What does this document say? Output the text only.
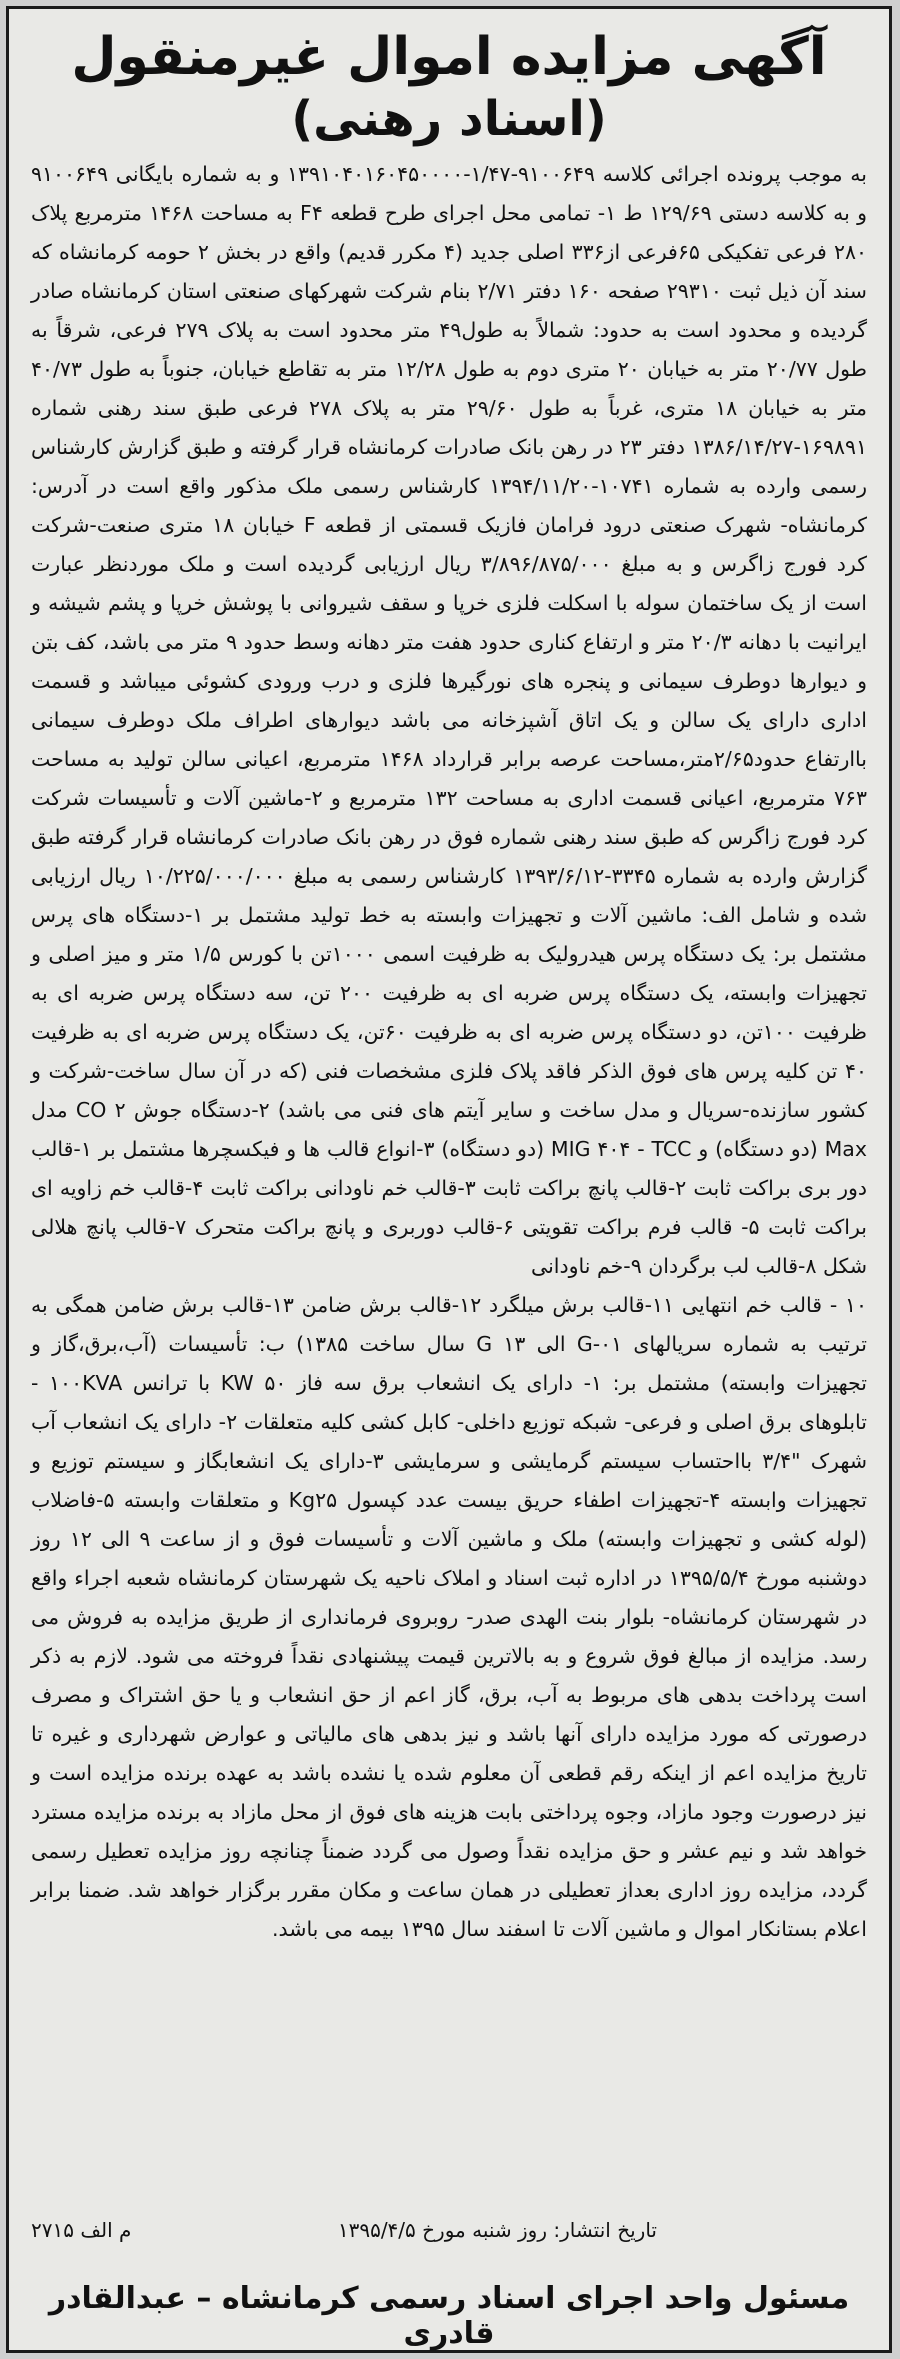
آگهی مزایده اموال غیرمنقول
(اسناد رهنی)

به موجب پرونده اجرائی کلاسه ۹۱۰۰۶۴۹-۱/۴۷-۱۳۹۱۰۴۰۱۶۰۴۵۰۰۰۰ و به شماره بایگانی ۹۱۰۰۶۴۹ و به کلاسه دستی ۱۲۹/۶۹ ط ۱- تمامی محل اجرای طرح قطعه F۴ به مساحت ۱۴۶۸ مترمربع پلاک ۲۸۰ فرعی تفکیکی ۶۵فرعی از۳۳۶ اصلی جدید (۴ مکرر قدیم) واقع در بخش ۲ حومه کرمانشاه که سند آن ذیل ثبت ۲۹۳۱۰ صفحه ۱۶۰ دفتر ۲/۷۱ بنام شرکت شهرکهای صنعتی استان کرمانشاه صادر گردیده و محدود است به حدود: شمالاً به طول۴۹ متر محدود است به پلاک ۲۷۹ فرعی، شرقاً به طول ۲۰/۷۷ متر به خیابان ۲۰ متری دوم به طول ۱۲/۲۸ متر به تقاطع خیابان، جنوباً به طول ۴۰/۷۳ متر به خیابان ۱۸ متری، غرباً به طول ۲۹/۶۰ متر به پلاک ۲۷۸ فرعی طبق سند رهنی شماره ۱۶۹۸۹۱-۱۳۸۶/۱۴/۲۷ دفتر ۲۳ در رهن بانک صادرات کرمانشاه قرار گرفته و طبق گزارش کارشناس رسمی وارده به شماره ۱۰۷۴۱-۱۳۹۴/۱۱/۲۰ کارشناس رسمی ملک مذکور واقع است در آدرس: کرمانشاه- شهرک صنعتی درود فرامان فازیک قسمتی از قطعه F خیابان ۱۸ متری صنعت-شرکت کرد فورج زاگرس و به مبلغ ۳/۸۹۶/۸۷۵/۰۰۰ ریال ارزیابی گردیده است و ملک موردنظر عبارت است از یک ساختمان سوله با اسکلت فلزی خرپا و سقف شیروانی با پوشش خرپا و پشم شیشه و ایرانیت با دهانه ۲۰/۳ متر و ارتفاع کناری حدود هفت متر دهانه وسط حدود ۹ متر می باشد، کف بتن و دیوارها دوطرف سیمانی و پنجره های نورگیرها فلزی و درب ورودی کشوئی میباشد و قسمت اداری دارای یک سالن و یک اتاق آشپزخانه می باشد دیوارهای اطراف ملک دوطرف سیمانی باارتفاع حدود۲/۶۵متر،مساحت عرصه برابر قرارداد ۱۴۶۸ مترمربع، اعیانی سالن تولید به مساحت ۷۶۳ مترمربع، اعیانی قسمت اداری به مساحت ۱۳۲ مترمربع و ۲-ماشین آلات و تأسیسات شرکت کرد فورج زاگرس که طبق سند رهنی شماره فوق در رهن بانک صادرات کرمانشاه قرار گرفته طبق گزارش وارده به شماره ۳۳۴۵-۱۳۹۳/۶/۱۲ کارشناس رسمی به مبلغ ۱۰/۲۲۵/۰۰۰/۰۰۰ ریال ارزیابی شده و شامل الف: ماشین آلات و تجهیزات وابسته به خط تولید مشتمل بر ۱-دستگاه های پرس مشتمل بر: یک دستگاه پرس هیدرولیک به ظرفیت اسمی ۱۰۰۰تن با کورس ۱/۵ متر و میز اصلی و تجهیزات وابسته، یک دستگاه پرس ضربه ای به ظرفیت ۲۰۰ تن، سه دستگاه پرس ضربه ای به ظرفیت ۱۰۰تن، دو دستگاه پرس ضربه ای به ظرفیت ۶۰تن، یک دستگاه پرس ضربه ای به ظرفیت ۴۰ تن کلیه پرس های فوق الذکر فاقد پلاک فلزی مشخصات فنی (که در آن سال ساخت-شرکت و کشور سازنده-سریال و مدل ساخت و سایر آیتم های فنی می باشد) ۲-دستگاه جوش ۲ CO مدل Max (دو دستگاه) و MIG ۴۰۴ - TCC (دو دستگاه) ۳-انواع قالب ها و فیکسچرها مشتمل بر ۱-قالب دور بری براکت ثابت ۲-قالب پانچ براکت ثابت ۳-قالب خم ناودانی براکت ثابت ۴-قالب خم زاویه ای براکت ثابت ۵- قالب فرم براکت تقویتی ۶-قالب دوربری و پانچ براکت متحرک ۷-قالب پانچ هلالی شکل ۸-قالب لب برگردان ۹-خم ناودانی

۱۰ - قالب خم انتهایی ۱۱-قالب برش میلگرد ۱۲-قالب برش ضامن ۱۳-قالب برش ضامن همگی به ترتیب به شماره سریالهای G-۰۱ الی G ۱۳ سال ساخت ۱۳۸۵) ب: تأسیسات (آب،برق،گاز و تجهیزات وابسته) مشتمل بر: ۱- دارای یک انشعاب برق سه فاز ۵۰ KW با ترانس ۱۰۰KVA - تابلوهای برق اصلی و فرعی- شبکه توزیع داخلی- کابل کشی کلیه متعلقات ۲- دارای یک انشعاب آب شهرک "۳/۴ بااحتساب سیستم گرمایشی و سرمایشی ۳-دارای یک انشعابگاز و سیستم توزیع و تجهیزات وابسته ۴-تجهیزات اطفاء حریق بیست عدد کپسول Kg۲۵ و متعلقات وابسته ۵-فاضلاب (لوله کشی و تجهیزات وابسته) ملک و ماشین آلات و تأسیسات فوق و از ساعت ۹ الی ۱۲ روز دوشنبه مورخ ۱۳۹۵/۵/۴ در اداره ثبت اسناد و املاک ناحیه یک شهرستان کرمانشاه شعبه اجراء واقع در شهرستان کرمانشاه- بلوار بنت الهدی صدر- روبروی فرمانداری از طریق مزایده به فروش می رسد. مزایده از مبالغ فوق شروع و به بالاترین قیمت پیشنهادی نقداً فروخته می شود. لازم به ذکر است پرداخت بدهی های مربوط به آب، برق، گاز اعم از حق انشعاب و یا حق اشتراک و مصرف درصورتی که مورد مزایده دارای آنها باشد و نیز بدهی های مالیاتی و عوارض شهرداری و غیره تا تاریخ مزایده اعم از اینکه رقم قطعی آن معلوم شده یا نشده باشد به عهده برنده مزایده است و نیز درصورت وجود مازاد، وجوه پرداختی بابت هزینه های فوق از محل مازاد به برنده مزایده مسترد خواهد شد و نیم عشر و حق مزایده نقداً وصول می گردد ضمناً چنانچه روز مزایده تعطیل رسمی گردد، مزایده روز اداری بعداز تعطیلی در همان ساعت و مکان مقرر برگزار خواهد شد. ضمنا برابر اعلام بستانکار اموال و ماشین آلات تا اسفند سال ۱۳۹۵ بیمه می باشد.

م الف ۲۷۱۵	تاریخ انتشار: روز شنبه مورخ ۱۳۹۵/۴/۵
مسئول واحد اجرای اسناد رسمی کرمانشاه – عبدالقادر قادری
